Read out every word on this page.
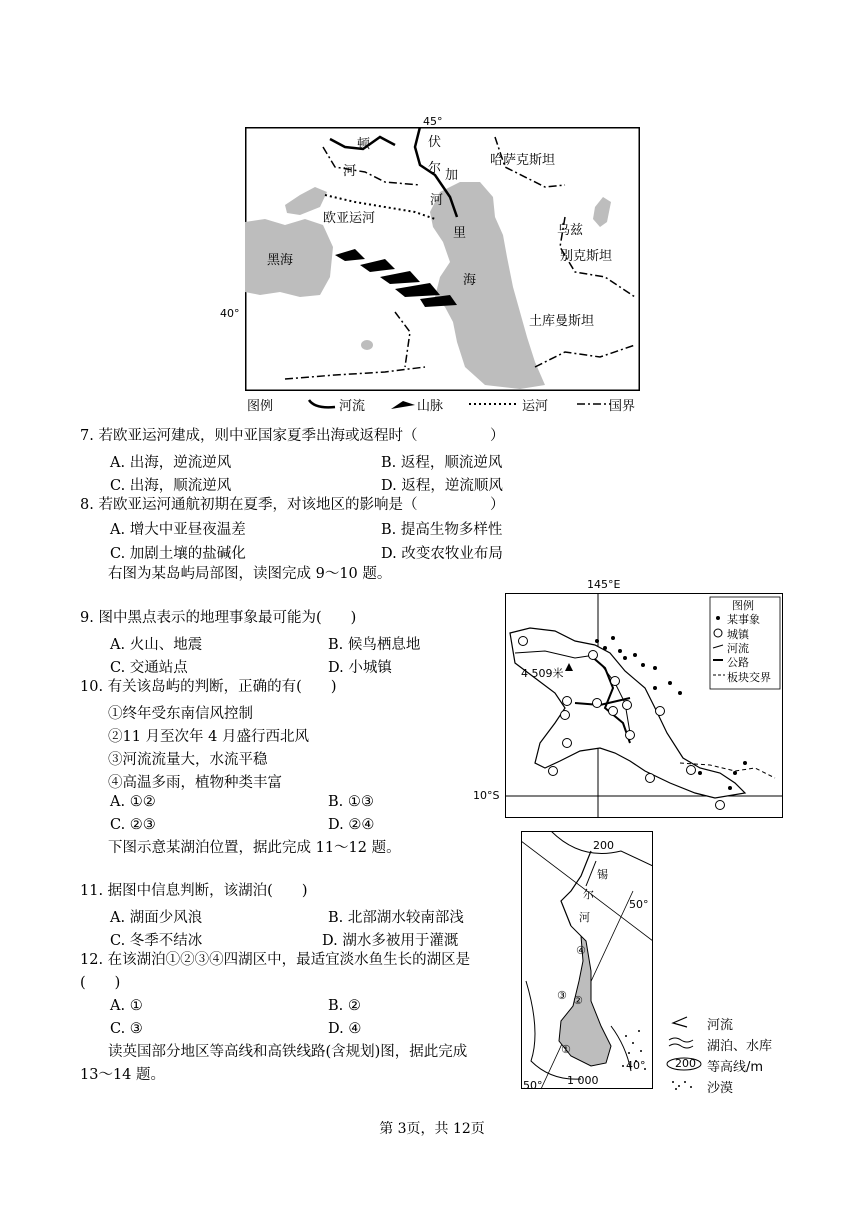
45°
40°
顿
河
伏
尔 加
河
哈萨克斯坦
欧亚运河
黑海
里
海
乌兹
别克斯坦
土库曼斯坦
图例	河流	山脉	运河	国界
7. 若欧亚运河建成，则中亚国家夏季出海或返程时（　　　　　）
A. 出海，逆流逆风	B. 返程，顺流逆风
C. 出海，顺流逆风	D. 返程，逆流顺风
8. 若欧亚运河通航初期在夏季，对该地区的影响是（　　　　　）
A. 增大中亚昼夜温差	B. 提高生物多样性
C. 加剧土壤的盐碱化	D. 改变农牧业布局
右图为某岛屿局部图，读图完成 9～10 题。
9. 图中黑点表示的地理事象最可能为(　　)
A. 火山、地震	B. 候鸟栖息地
C. 交通站点	D. 小城镇
10. 有关该岛屿的判断，正确的有(　　)
①终年受东南信风控制
②11 月至次年 4 月盛行西北风
③河流流量大，水流平稳
④高温多雨，植物种类丰富
A. ①②	B. ①③
C. ②③	D. ②④
下图示意某湖泊位置，据此完成 11～12 题。
11. 据图中信息判断，该湖泊(　　)
A. 湖面少风浪	B. 北部湖水较南部浅
C. 冬季不结冰	D. 湖水多被用于灌溉
12. 在该湖泊①②③④四湖区中，最适宜淡水鱼生长的湖区是
(　　)
A. ①	B. ②
C. ③	D. ④
读英国部分地区等高线和高铁线路(含规划)图，据此完成
13～14 题。
145°E
10°S
4 509米
图例
某事象
城镇
河流
公路
板块交界
200
锡
尔
河
50°
1 000
50°
40°
④
③ ②
①
河流
湖泊、水库
200 等高线/m
沙漠
第 3页，共 12页
